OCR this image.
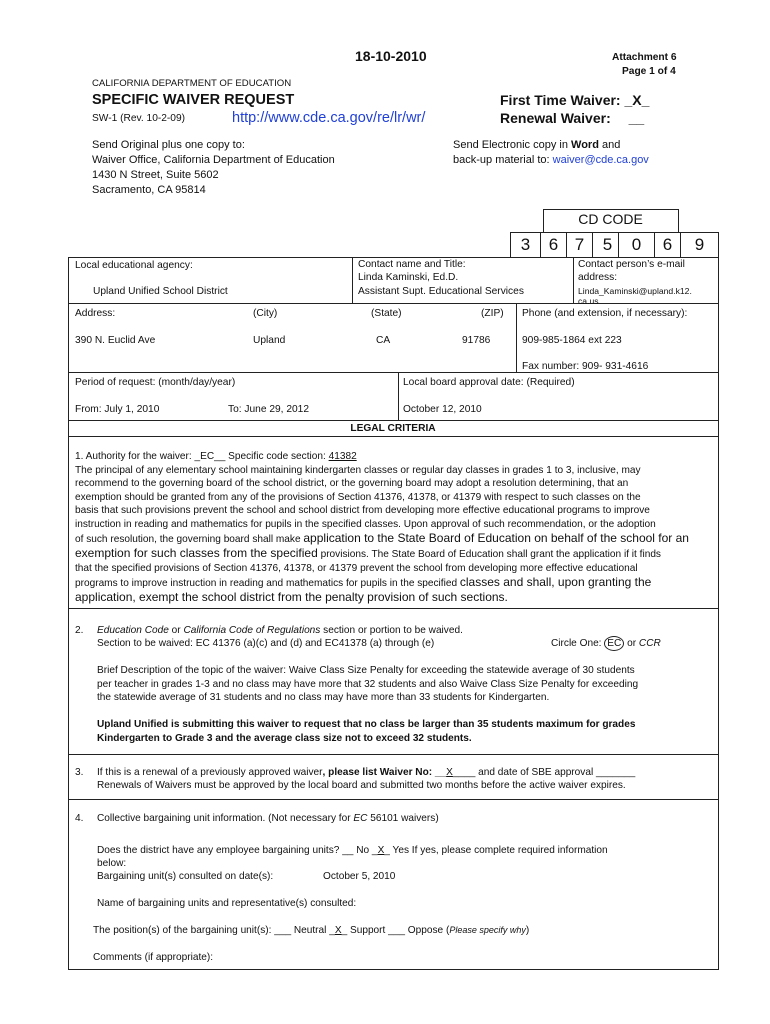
18-10-2010	Attachment 6
Page 1 of 4
CALIFORNIA DEPARTMENT OF EDUCATION
SPECIFIC WAIVER REQUEST
SW-1 (Rev. 10-2-09)	http://www.cde.ca.gov/re/lr/wr/
First Time Waiver: _X_
Renewal Waiver: __
Send Original plus one copy to:
Waiver Office, California Department of Education
1430 N Street, Suite 5602
Sacramento, CA 95814
Send Electronic copy in Word and
back-up material to: waiver@cde.ca.gov
CD CODE
3	6 7	5	0	6	9
Local educational agency:
Upland Unified School District
Contact name and Title:
Linda Kaminski, Ed.D.
Assistant Supt. Educational Services
Contact person’s e-mail
address:
Linda_Kaminski@upland.k12.
ca.us
Address:	(City)	(State)	(ZIP) Phone (and extension, if necessary):
390 N. Euclid Ave	Upland	CA	91786	909-985-1864 ext 223
Fax number: 909- 931-4616
Period of request: (month/day/year)
From: July 1, 2010	To: June 29, 2012
Local board approval date: (Required)
October 12, 2010
LEGAL CRITERIA
1. Authority for the waiver: _EC__ Specific code section: 41382
The principal of any elementary school maintaining kindergarten classes or regular day classes in grades 1 to 3, inclusive, may
recommend to the governing board of the school district, or the governing board may adopt a resolution determining, that an
exemption should be granted from any of the provisions of Section 41376, 41378, or 41379 with respect to such classes on the
basis that such provisions prevent the school and school district from developing more effective educational programs to improve
instruction in reading and mathematics for pupils in the specified classes. Upon approval of such recommendation, or the adoption
of such resolution, the governing board shall make application to the State Board of Education on behalf of the school for an
exemption for such classes from the specified provisions. The State Board of Education shall grant the application if it finds
that the specified provisions of Section 41376, 41378, or 41379 prevent the school from developing more effective educational
programs to improve instruction in reading and mathematics for pupils in the specified classes and shall, upon granting the
application, exempt the school district from the penalty provision of such sections.
2. Education Code or California Code of Regulations section or portion to be waived.
Section to be waived: EC 41376 (a)(c) and (d) and EC41378 (a) through (e)	Circle One: EC or CCR
Brief Description of the topic of the waiver: Waive Class Size Penalty for exceeding the statewide average of 30 students
per teacher in grades 1-3 and no class may have more that 32 students and also Waive Class Size Penalty for exceeding
the statewide average of 31 students and no class may have more than 33 students for Kindergarten.
Upland Unified is submitting this waiver to request that no class be larger than 35 students maximum for grades
Kindergarten to Grade 3 and the average class size not to exceed 32 students.
3. If this is a renewal of a previously approved waiver, please list Waiver No: __X____ and date of SBE approval _______
Renewals of Waivers must be approved by the local board and submitted two months before the active waiver expires.
4. Collective bargaining unit information. (Not necessary for EC 56101 waivers)
Does the district have any employee bargaining units? __ No _X_ Yes If yes, please complete required information
below:
Bargaining unit(s) consulted on date(s):	October 5, 2010
Name of bargaining units and representative(s) consulted:
The position(s) of the bargaining unit(s): ___ Neutral _X_ Support ___ Oppose (Please specify why)
Comments (if appropriate):
